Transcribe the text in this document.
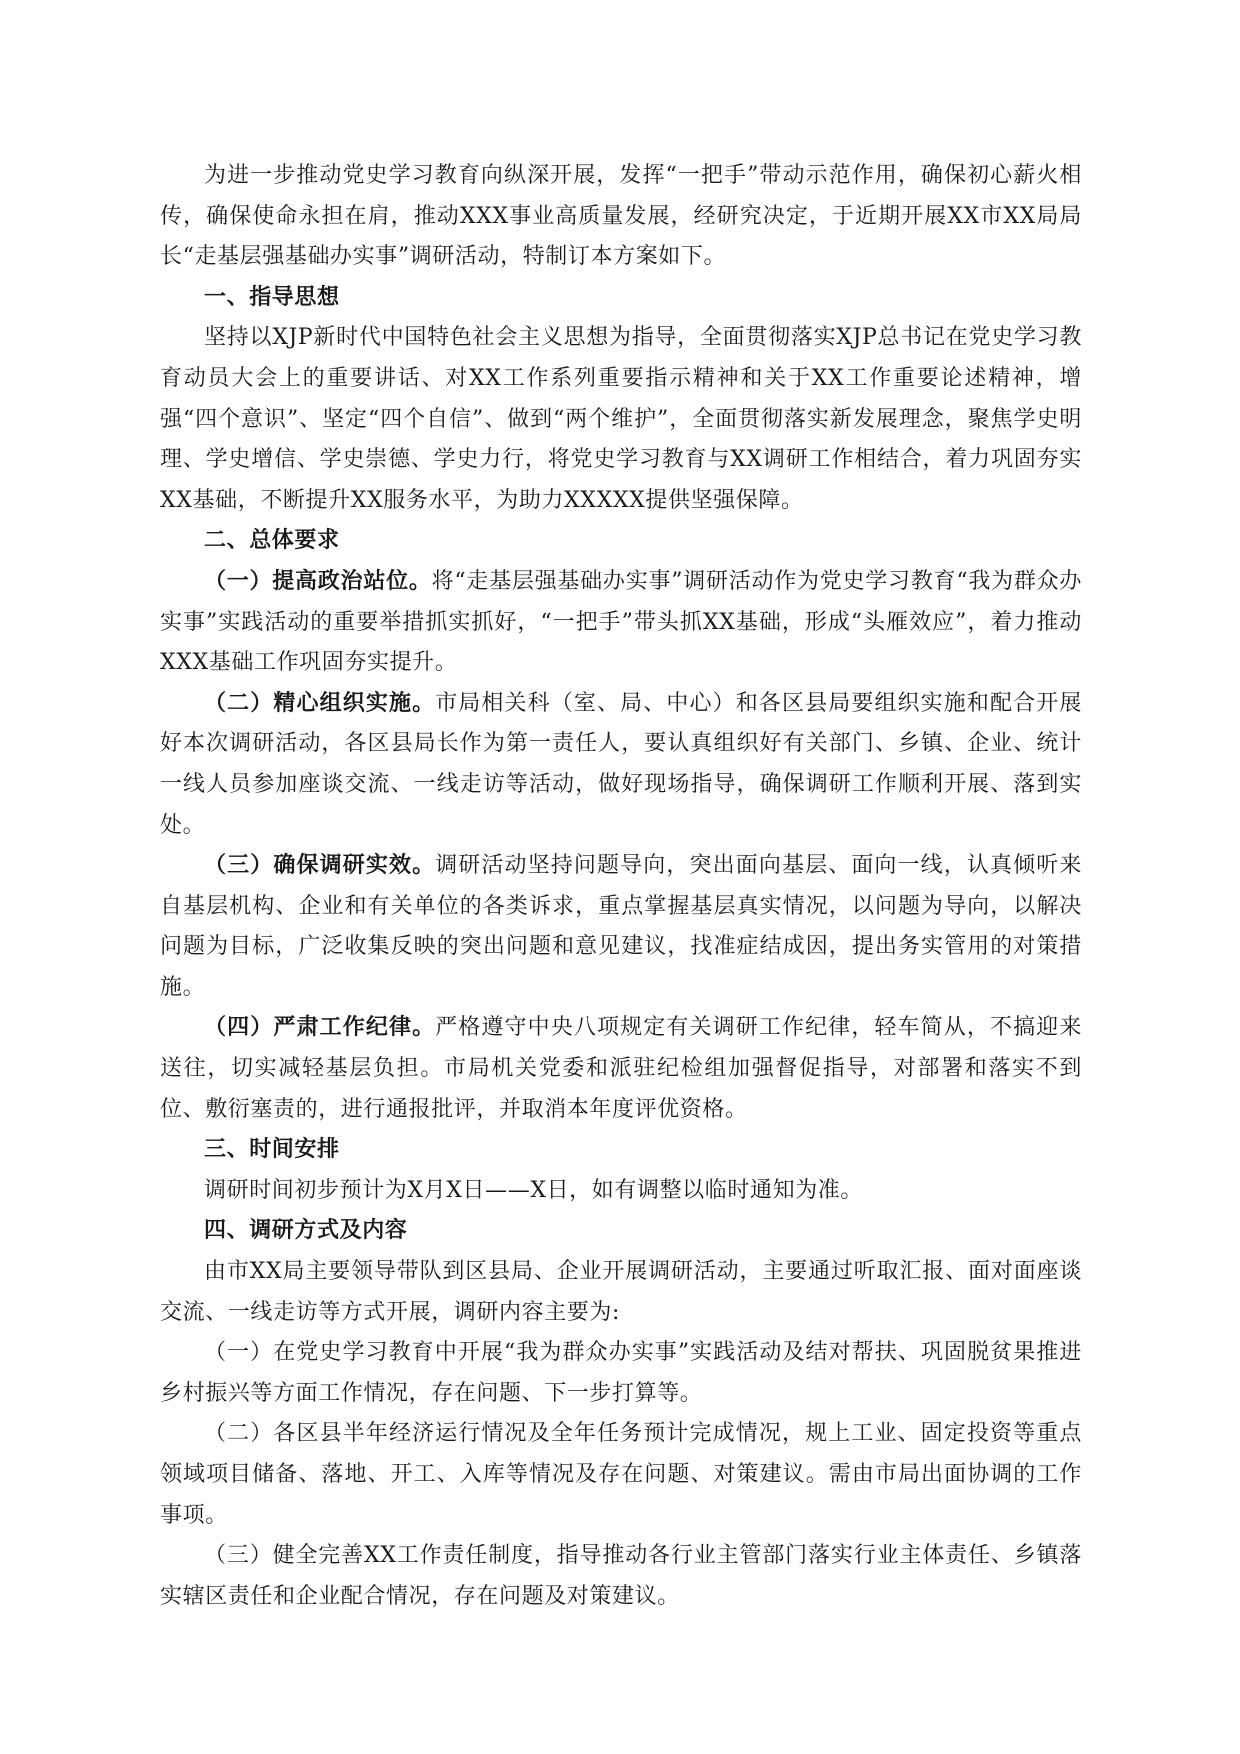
为进一步推动党史学习教育向纵深开展，发挥“一把手”带动示范作用，确保初心薪火相传，确保使命永担在肩，推动XXX事业高质量发展，经研究决定，于近期开展XX市XX局局长“走基层强基础办实事”调研活动，特制订本方案如下。

一、指导思想

坚持以XJP新时代中国特色社会主义思想为指导，全面贯彻落实XJP总书记在党史学习教育动员大会上的重要讲话、对XX工作系列重要指示精神和关于XX工作重要论述精神，增强“四个意识”、坚定“四个自信”、做到“两个维护”，全面贯彻落实新发展理念，聚焦学史明理、学史增信、学史崇德、学史力行，将党史学习教育与XX调研工作相结合，着力巩固夯实XX基础，不断提升XX服务水平，为助力XXXXX提供坚强保障。

二、总体要求

（一）提高政治站位。将“走基层强基础办实事”调研活动作为党史学习教育“我为群众办实事”实践活动的重要举措抓实抓好，“一把手”带头抓XX基础，形成“头雁效应”，着力推动XXX基础工作巩固夯实提升。

（二）精心组织实施。市局相关科（室、局、中心）和各区县局要组织实施和配合开展好本次调研活动，各区县局长作为第一责任人，要认真组织好有关部门、乡镇、企业、统计一线人员参加座谈交流、一线走访等活动，做好现场指导，确保调研工作顺利开展、落到实处。

（三）确保调研实效。调研活动坚持问题导向，突出面向基层、面向一线，认真倾听来自基层机构、企业和有关单位的各类诉求，重点掌握基层真实情况，以问题为导向，以解决问题为目标，广泛收集反映的突出问题和意见建议，找准症结成因，提出务实管用的对策措施。

（四）严肃工作纪律。严格遵守中央八项规定有关调研工作纪律，轻车简从，不搞迎来送往，切实减轻基层负担。市局机关党委和派驻纪检组加强督促指导，对部署和落实不到位、敷衍塞责的，进行通报批评，并取消本年度评优资格。

三、时间安排

调研时间初步预计为X月X日——X日，如有调整以临时通知为准。

四、调研方式及内容

由市XX局主要领导带队到区县局、企业开展调研活动，主要通过听取汇报、面对面座谈交流、一线走访等方式开展，调研内容主要为:

（一）在党史学习教育中开展“我为群众办实事”实践活动及结对帮扶、巩固脱贫果推进乡村振兴等方面工作情况，存在问题、下一步打算等。

（二）各区县半年经济运行情况及全年任务预计完成情况，规上工业、固定投资等重点领域项目储备、落地、开工、入库等情况及存在问题、对策建议。需由市局出面协调的工作事项。

（三）健全完善XX工作责任制度，指导推动各行业主管部门落实行业主体责任、乡镇落实辖区责任和企业配合情况，存在问题及对策建议。
